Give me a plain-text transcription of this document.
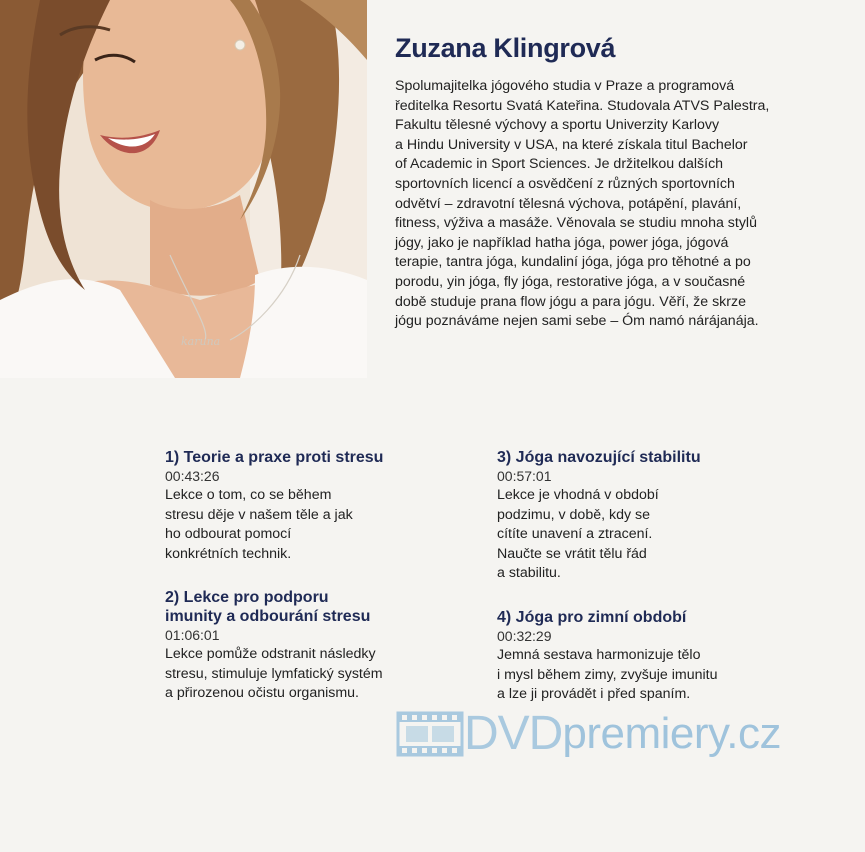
karuna
Zuzana Klingrová
Spolumajitelka jógového studia v Praze a programová
ředitelka Resortu Svatá Kateřina. Studovala ATVS Palestra,
Fakultu tělesné výchovy a sportu Univerzity Karlovy
a Hindu University v USA, na které získala titul Bachelor
of Academic in Sport Sciences. Je držitelkou dalších
sportovních licencí a osvědčení z různých sportovních
odvětví – zdravotní tělesná výchova, potápění, plavání,
fitness, výživa a masáže. Věnovala se studiu mnoha stylů
jógy, jako je například hatha jóga, power jóga, jógová
terapie, tantra jóga, kundaliní jóga, jóga pro těhotné a po
porodu, yin jóga, fly jóga, restorative jóga, a v současné
době studuje prana flow jógu a para jógu. Věří, že skrze
jógu poznáváme nejen sami sebe – Óm namó nárájanája.
1) Teorie a praxe proti stresu
00:43:26
Lekce o tom, co se během
stresu děje v našem těle a jak
ho odbourat pomocí
konkrétních technik.
2) Lekce pro podporu
imunity a odbourání stresu
01:06:01
Lekce pomůže odstranit následky
stresu, stimuluje lymfatický systém
a přirozenou očistu organismu.
3) Jóga navozující stabilitu
00:57:01
Lekce je vhodná v období
podzimu, v době, kdy se
cítíte unavení a ztracení.
Naučte se vrátit tělu řád
a stabilitu.
4) Jóga pro zimní období
00:32:29
Jemná sestava harmonizuje tělo
i mysl během zimy, zvyšuje imunitu
a lze ji provádět i před spaním.
DVD premiery.cz
